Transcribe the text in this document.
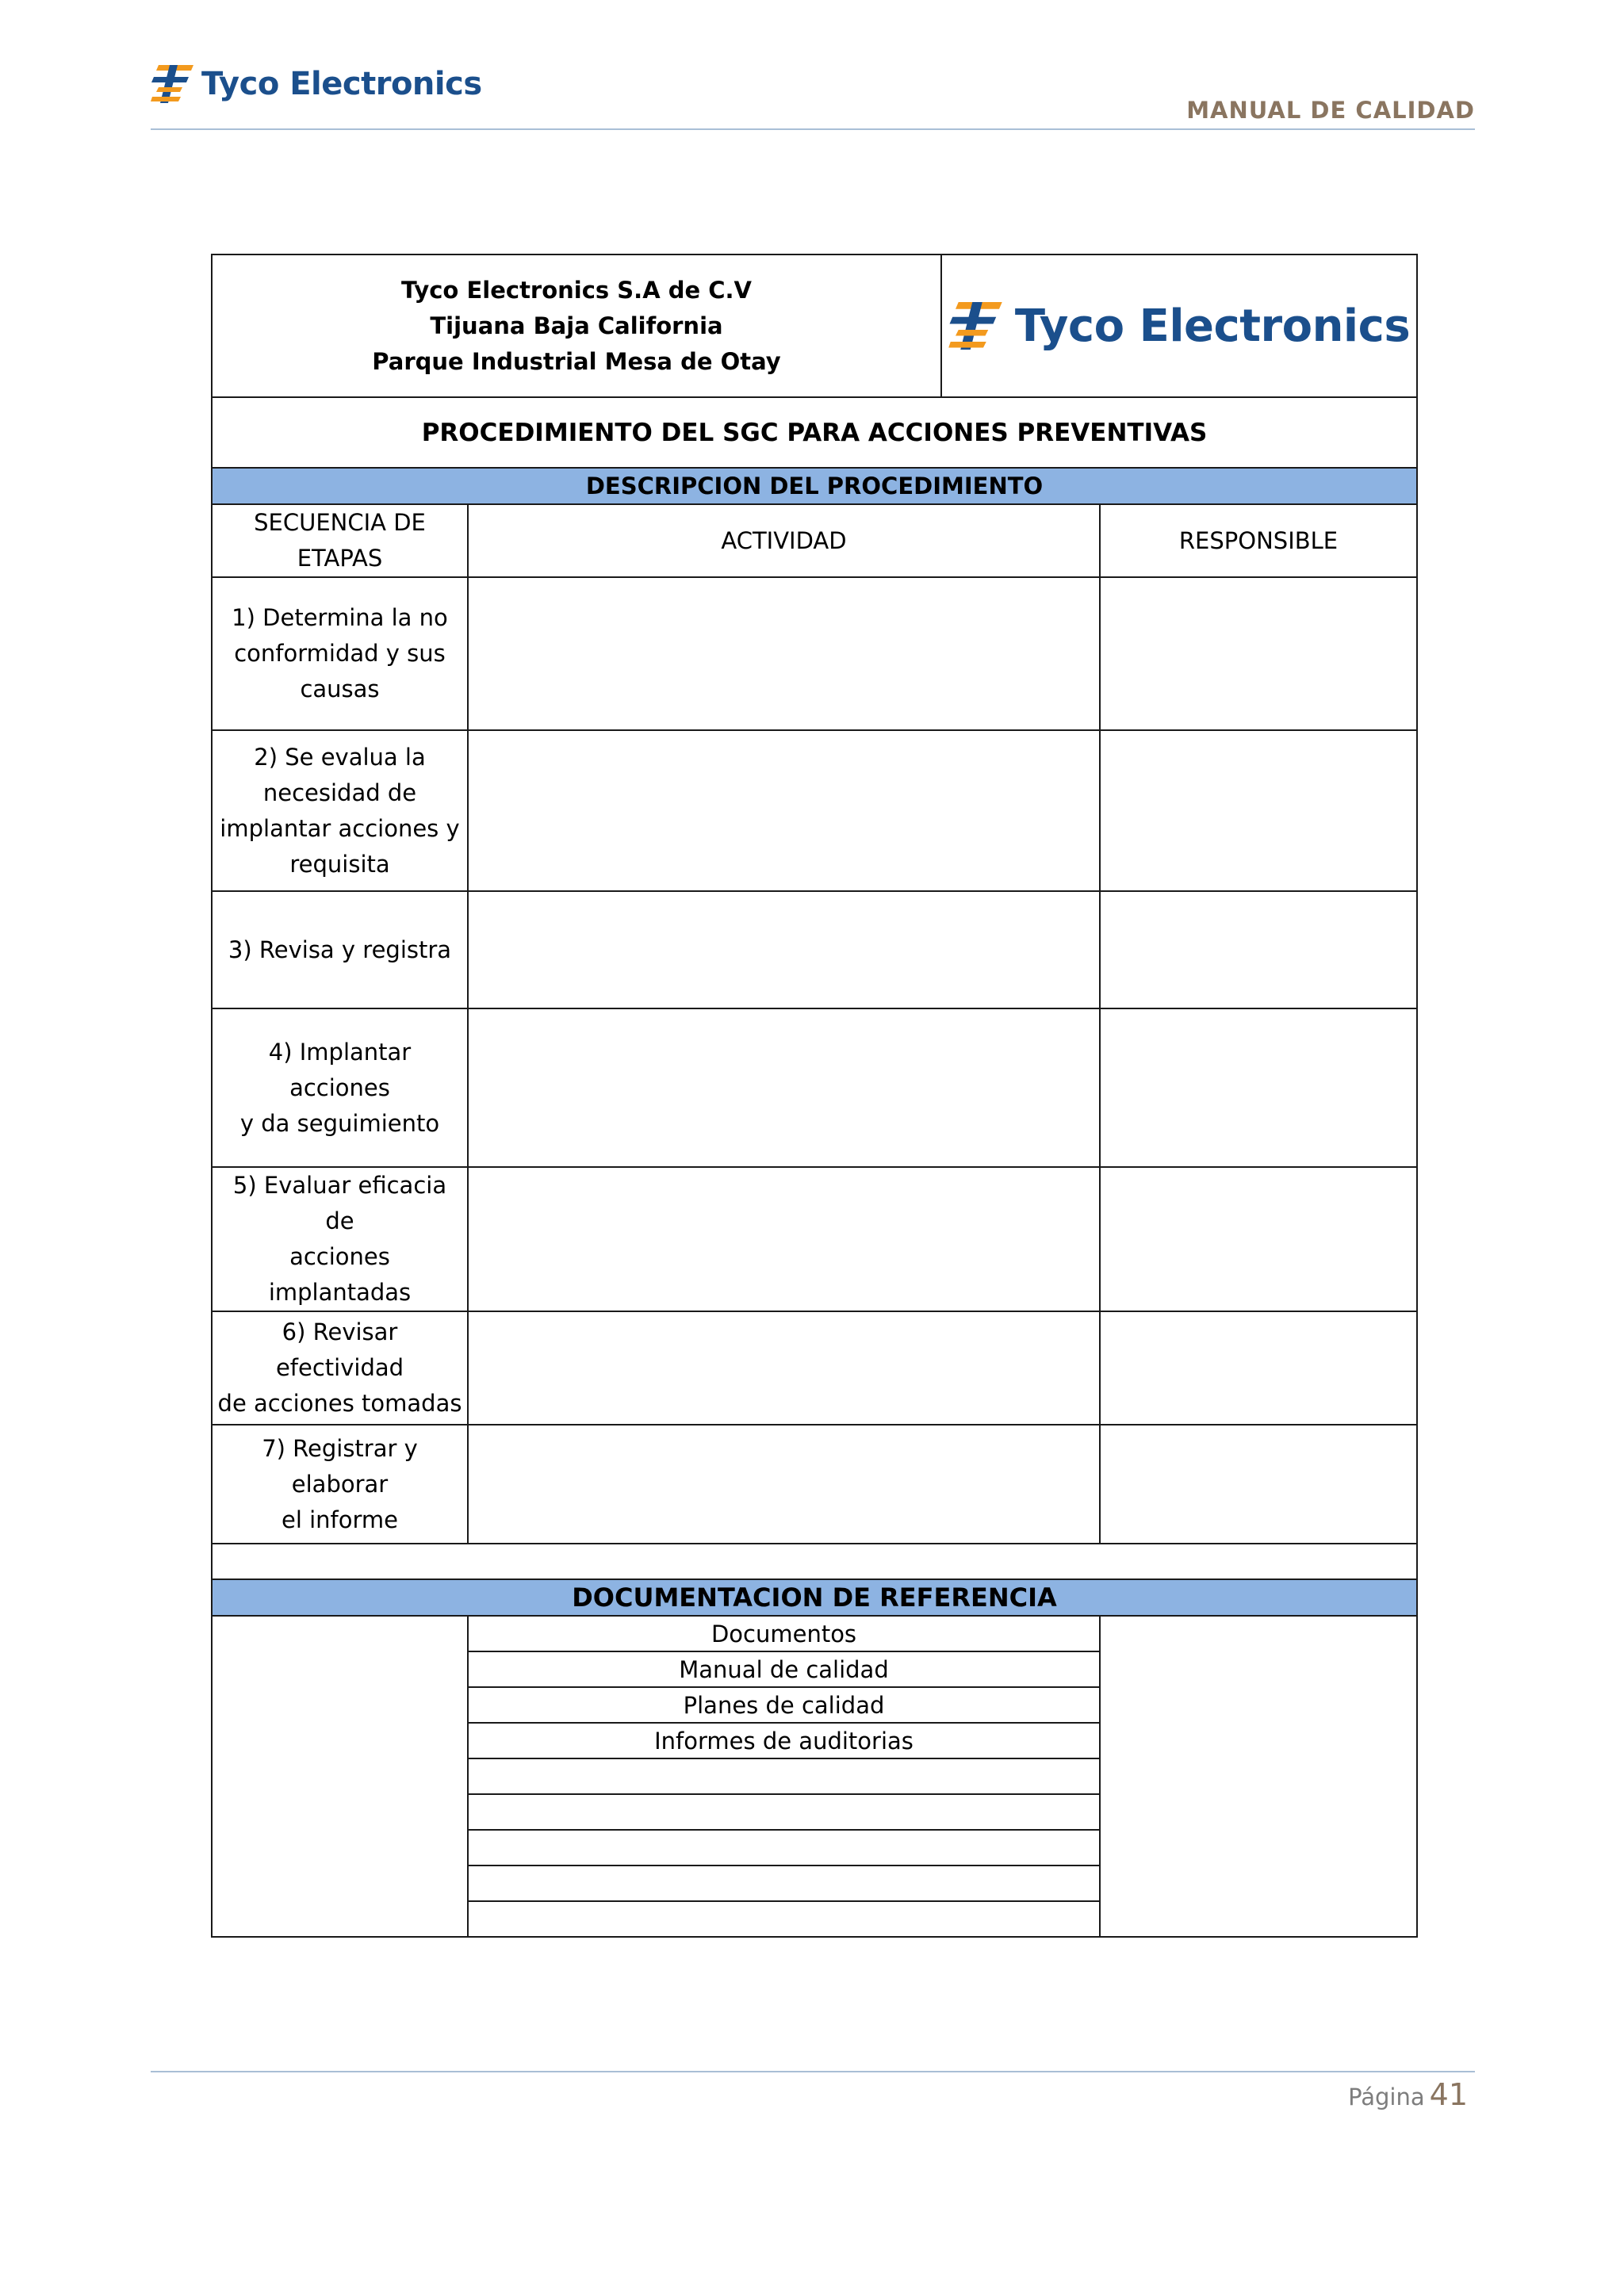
Tyco Electronics
MANUAL DE CALIDAD
Tyco Electronics S.A de C.V
Tijuana Baja California
Parque Industrial Mesa de Otay		Tyco Electronics	

PROCEDIMIENTO DEL SGC PARA ACCIONES PREVENTIVAS			
DESCRIPCION DEL PROCEDIMIENTO			

SECUENCIA DE
ETAPAS	ACTIVIDAD		RESPONSIBLE

1) Determina la no
conformidad y sus
causas			

2) Se evalua la
necesidad de
implantar acciones y
requisita			

3) Revisa y registra			

4) Implantar acciones
y da seguimiento			

5) Evaluar eficacia de
acciones implantadas			

6) Revisar efectividad
de acciones tomadas			

7) Registrar y elaborar
el informe			

DOCUMENTACION DE REFERENCIA			
	Documentos		
	Manual de calidad		
	Planes de calidad		
	Informes de auditorias		

Página 41
